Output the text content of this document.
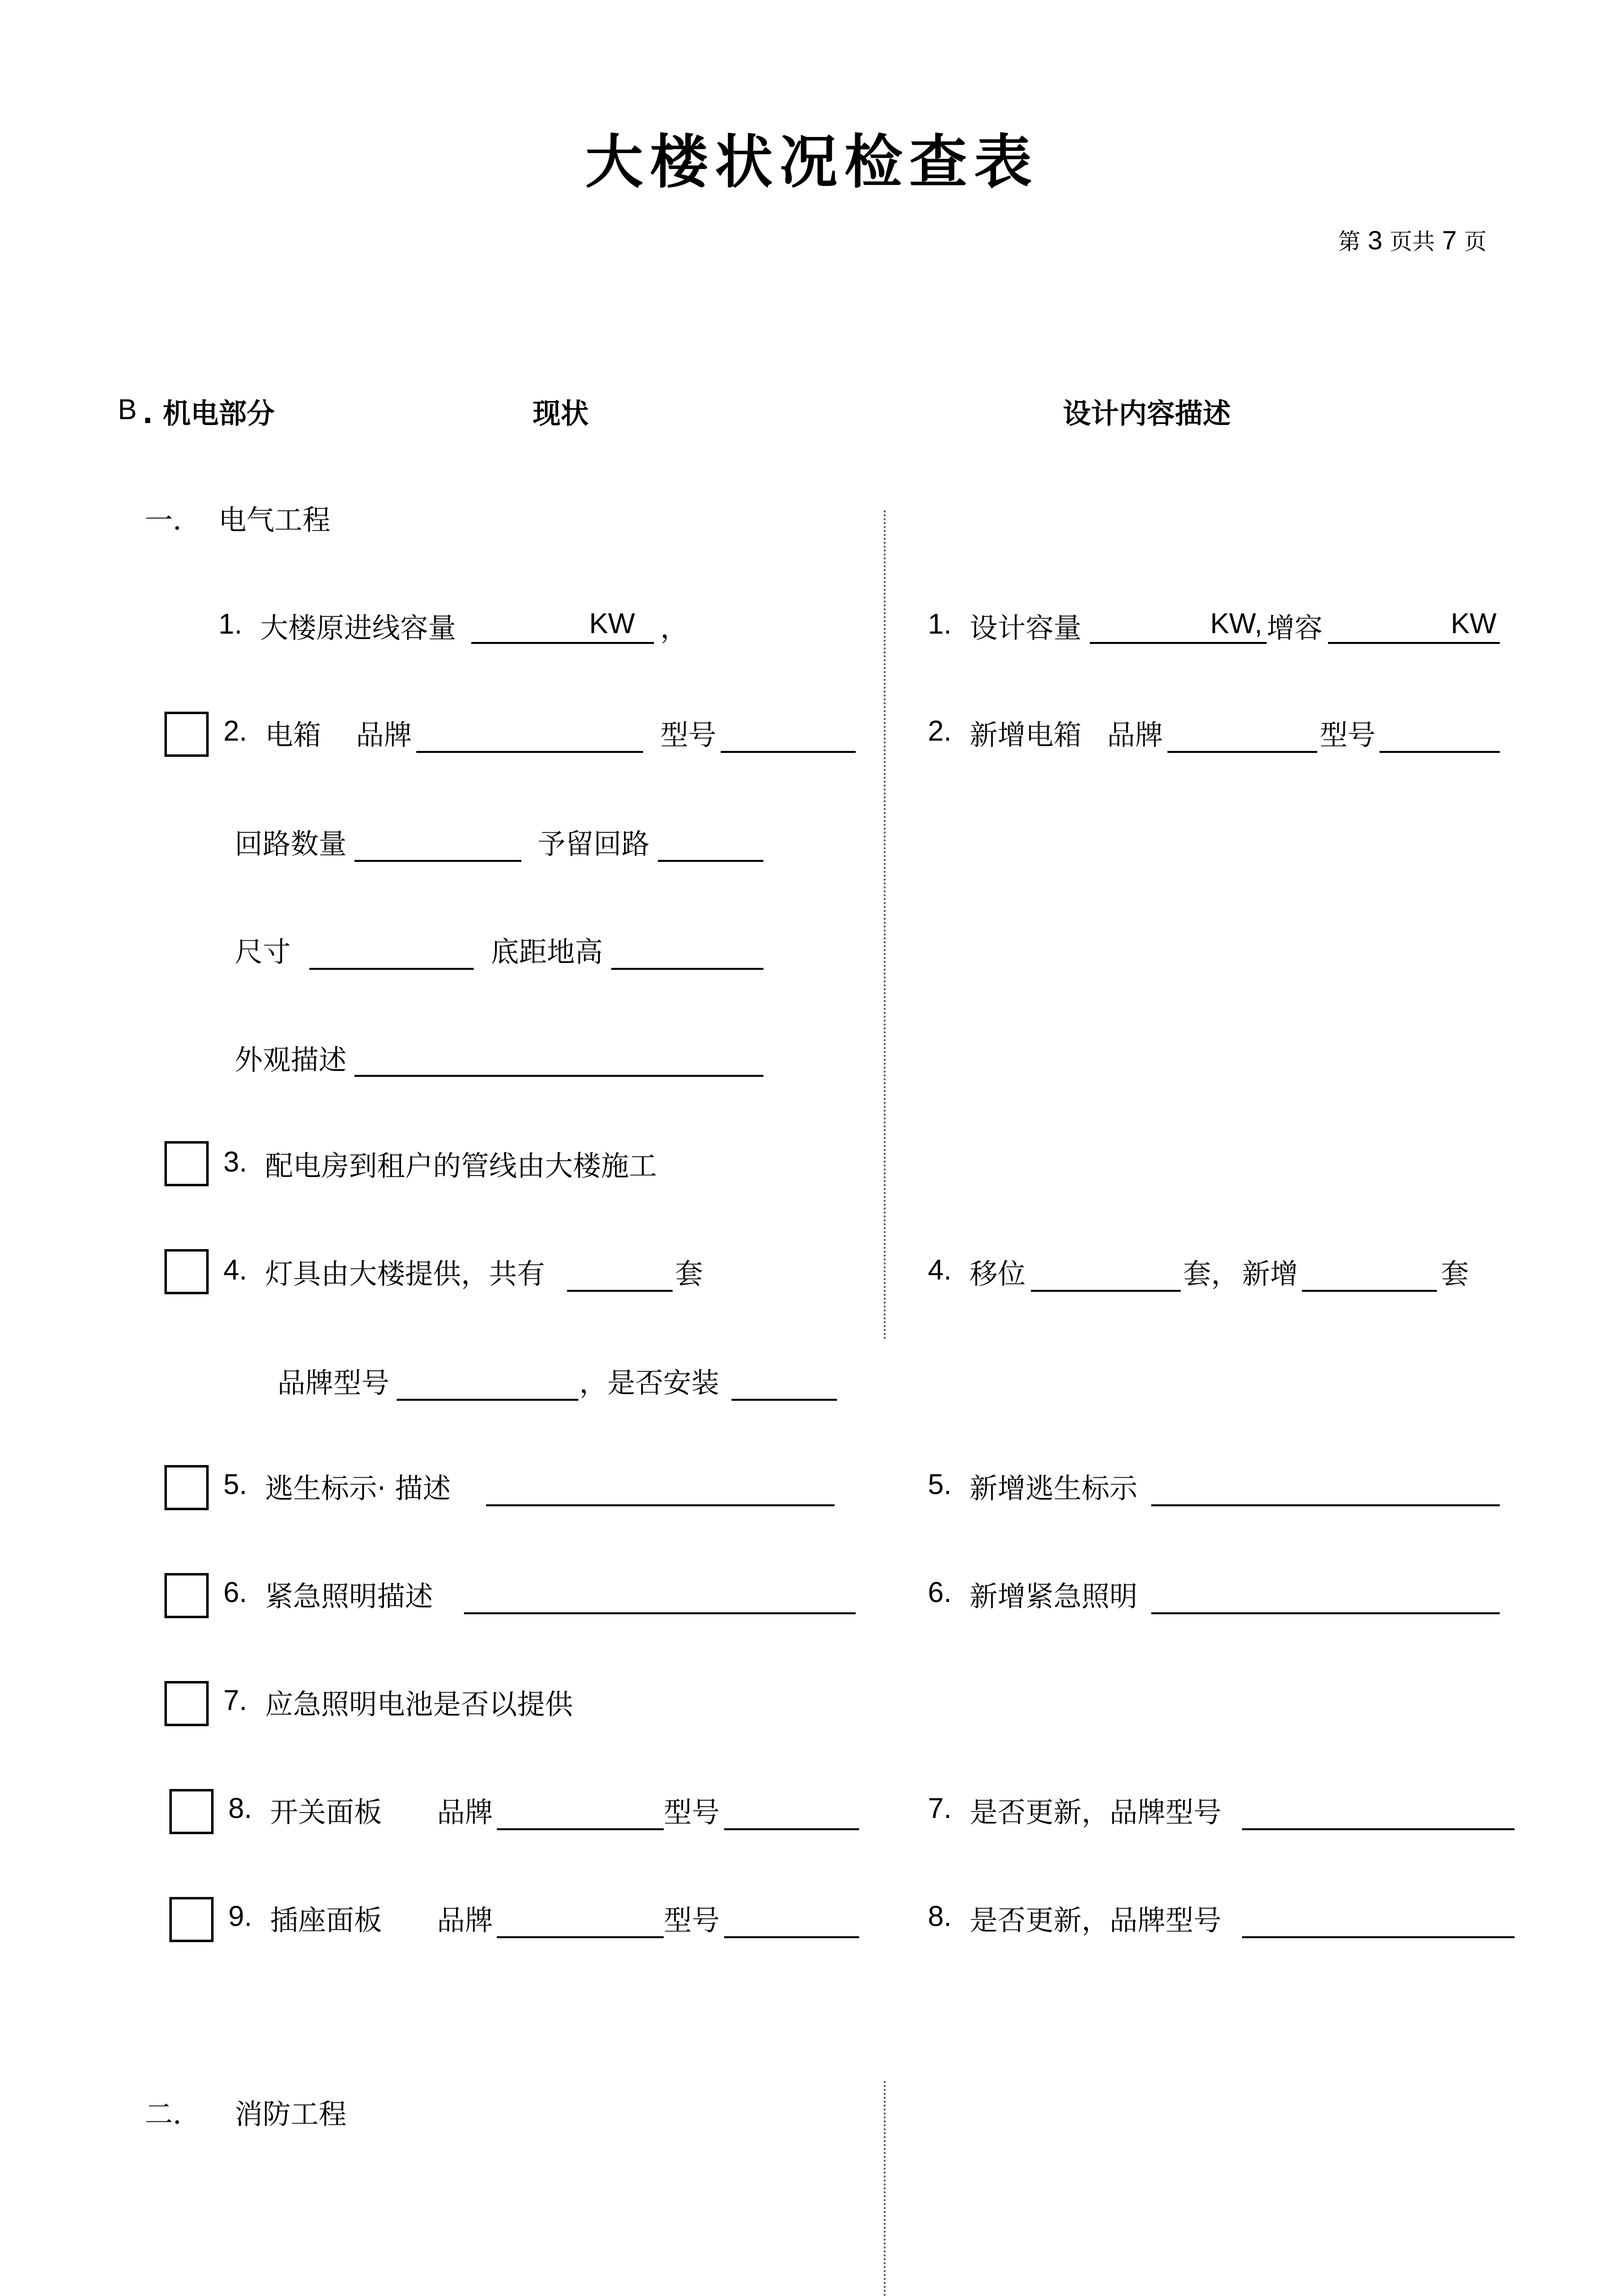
大楼状况检查表
第 3 页共 7 页
B . 机电部分	现状	设计内容描述
一． 电气工程
1. 大楼原进线容量	KW ，	1. 设计容量	KW, 增容	KW
2. 电箱 品牌	型号	2. 新增电箱 品牌	型号
回路数量	予留回路
尺寸	底距地高
外观描述
3. 配电房到租户的管线由大楼施工
4. 灯具由大楼提供，共有	套	4. 移位	套， 新增	套
品牌型号	，是否安装
5. 逃生标示· 描述	5. 新增逃生标示
6. 紧急照明描述	6. 新增紧急照明
7. 应急照明电池是否以提供
8. 开关面板 品牌	型号	7. 是否更新，品牌型号
9. 插座面板 品牌	型号	8. 是否更新，品牌型号
二． 消防工程
